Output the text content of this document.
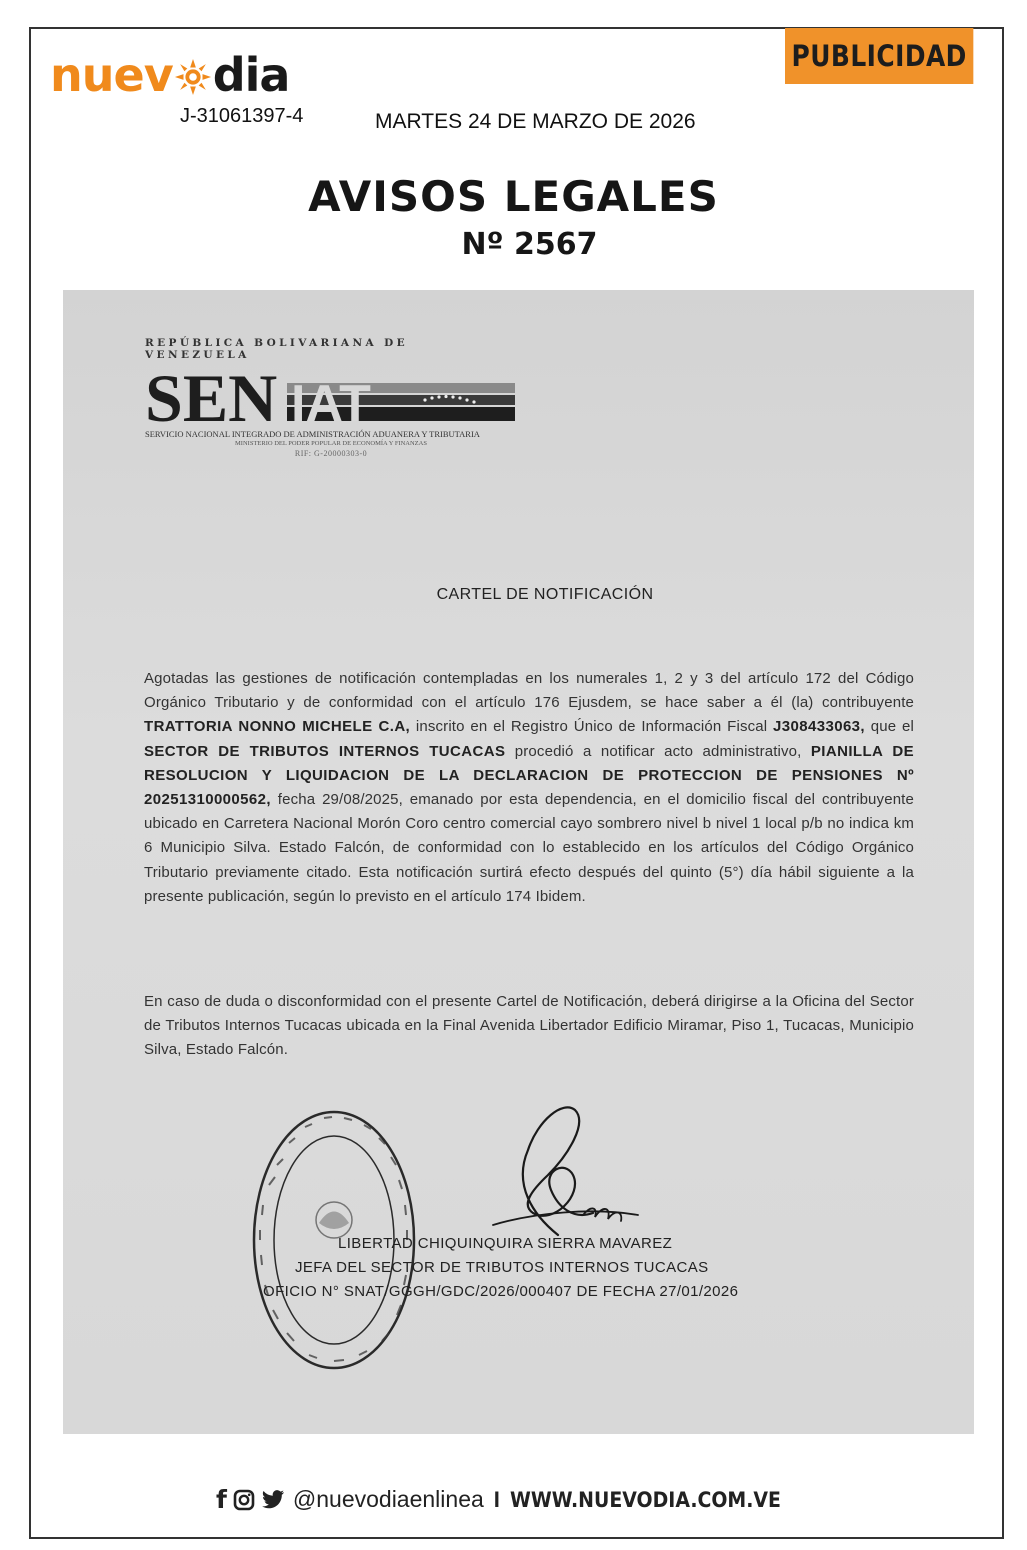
nuev dia
J-31061397-4	MARTES 24 DE MARZO DE 2026
PUBLICIDAD
AVISOS LEGALES
Nº 2567
REPÚBLICA BOLIVARIANA DE VENEZUELA
SEN IAT
SERVICIO NACIONAL INTEGRADO DE ADMINISTRACIÓN ADUANERA Y TRIBUTARIA
MINISTERIO DEL PODER POPULAR DE ECONOMÍA Y FINANZAS
RIF: G-20000303-0
CARTEL DE NOTIFICACIÓN
Agotadas las gestiones de notificación contempladas en los numerales 1, 2 y 3 del artículo 172 del Código Orgánico Tributario y de conformidad con el artículo 176 Ejusdem, se hace saber a él (la) contribuyente TRATTORIA NONNO MICHELE C.A, inscrito en el Registro Único de Información Fiscal J308433063, que el SECTOR DE TRIBUTOS INTERNOS TUCACAS procedió a notificar acto administrativo, PIANILLA DE RESOLUCION Y LIQUIDACION DE LA DECLARACION DE PROTECCION DE PENSIONES Nº 20251310000562, fecha 29/08/2025, emanado por esta dependencia, en el domicilio fiscal del contribuyente ubicado en Carretera Nacional Morón Coro centro comercial cayo sombrero nivel b nivel 1 local p/b no indica km 6 Municipio Silva. Estado Falcón, de conformidad con lo establecido en los artículos del Código Orgánico Tributario previamente citado. Esta notificación surtirá efecto después del quinto (5°) día hábil siguiente a la presente publicación, según lo previsto en el artículo 174 Ibidem.
En caso de duda o disconformidad con el presente Cartel de Notificación, deberá dirigirse a la Oficina del Sector de Tributos Internos Tucacas ubicada en la Final Avenida Libertador Edificio Miramar, Piso 1, Tucacas, Municipio Silva, Estado Falcón.
LIBERTAD CHIQUINQUIRA SIERRA MAVAREZ
JEFA DEL SECTOR DE TRIBUTOS INTERNOS TUCACAS
OFICIO N° SNAT/GGGH/GDC/2026/000407 DE FECHA 27/01/2026
f	@nuevodiaenlinea I WWW.NUEVODIA.COM.VE
